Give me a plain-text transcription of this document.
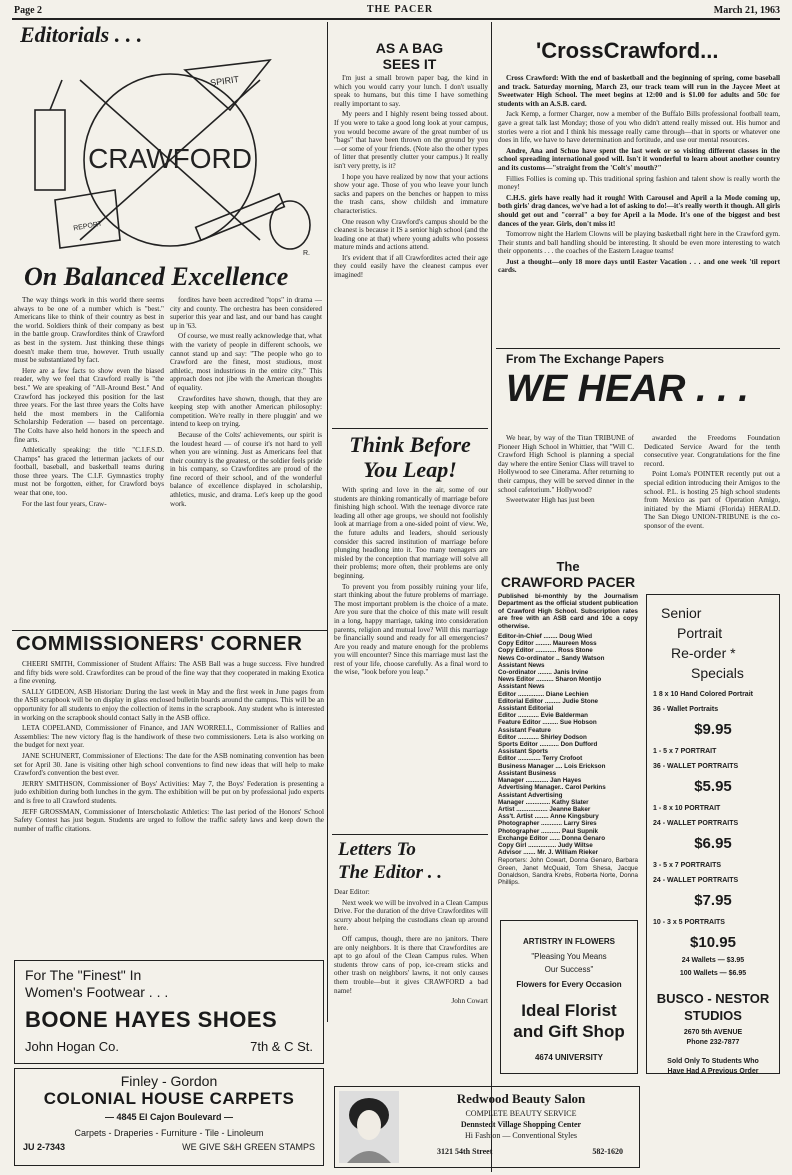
Page 2	THE PACER	March 21, 1963
Editorials . . .
CRAWFORD
SPIRIT
REPORT
R.
On Balanced Excellence

The way things work in this world there seems always to be one of a number which is "best." Americans like to think of their country as best in the world. Soldiers think of their company as best in the battle group. Crawfordites think of Crawford as best in the system. Just thinking these things doesn't make them true, however. Truth usually must be substantiated by fact.

Here are a few facts to show even the biased reader, why we feel that Crawford really is "the best." We are speaking of "All-Around Best." And Crawford has jockeyed this position for the last three years. For the last three years the Colts have held the most members in the California Scholarship Federation — based on percentage. The Colts have also held honors in the speech and fine arts.

Athletically speaking: the title "C.I.F.S.D. Champs" has graced the letterman jackets of our football, baseball, and basketball teams during those three years. The C.I.F. Gymnastics trophy must not be forgotten, either, for Crawford boys wear that one, too.

For the last four years, Craw-

fordites have been accredited "tops" in drama — city and county. The orchestra has been considered superior this year and last, and our band has caught up in '63.

Of course, we must really acknowledge that, what with the variety of people in different schools, we cannot stand up and say: "The people who go to Crawford are the finest, most studious, most athletic, most industrious in the entire city." This approach does not jibe with the American thoughts of equality.

Crawfordites have shown, though, that they are keeping step with another American philosophy: competition. We're really in there pluggin' and we intend to keep on trying.

Because of the Colts' achievements, our spirit is the loudest heard — of course it's not hard to yell when you are winning. Just as Americans feel that their country is the greatest, or the soldier feels pride in his company, so Crawfordites are proud of the fine record of their school, and of the wonderful balance of excellence displayed in scholarship, athletics, music, and drama. Let's keep up the good work.

COMMISSIONERS' CORNER

CHEERI SMITH, Commissioner of Student Affairs: The ASB Ball was a huge success. Five hundred and fifty bids were sold. Crawfordites can be proud of the fine way that they cooperated in making Exotica a fine evening.

SALLY GIDEON, ASB Historian: During the last week in May and the first week in June pages from the ASB scrapbook will be on display in glass enclosed bulletin boards around the campus. This will be an opportunity for all students to enjoy the collection of items in the scrapbook. Any student who is interested in working on the scrapbook should contact Sally in the ASB office.

LETA COPELAND, Commissioner of Finance, and JAN WORRELL, Commissioner of Rallies and Assemblies: The new victory flag is the handiwork of these two commissioners. Leta is also working on the budget for next year.

JANE SCHUNERT, Commissioner of Elections: The date for the ASB nominating convention has been set for April 30. Jane is visiting other high school conventions to find new ideas that will help to make Crawford's convention the best ever.

JERRY SMITHSON, Commissioner of Boys' Activities: May 7, the Boys' Federation is presenting a judo exhibition during both lunches in the gym. The exhibition will be put on by professional judo experts and is free to all Crawford students.

JEFF GROSSMAN, Commissioner of Interscholastic Athletics: The last period of the Honors' School Safety Contest has just begun. Students are urged to follow the traffic safety laws and keep down the number of traffic citations.

For The "Finest" In
Women's Footwear . . .
BOONE HAYES SHOES
John Hogan Co.	7th & C St.
Finley - Gordon
COLONIAL HOUSE CARPETS
— 4845 El Cajon Boulevard —
Carpets - Draperies - Furniture - Tile - Linoleum
JU 2-7343	WE GIVE S&H GREEN STAMPS
AS A BAG
SEES IT

I'm just a small brown paper bag, the kind in which you would carry your lunch. I don't usually speak to humans, but this time I have something really important to say.

My peers and I highly resent being tossed about. If you were to take a good long look at your campus, you would become aware of the great number of us "bags" that have been thrown on the ground by you—or some of your friends. (Note also the other types of litter that presently clutter your campus.) It really isn't very pretty, is it?

I hope you have realized by now that your actions show your age. Those of you who leave your lunch sacks and papers on the benches or happen to miss the trash cans, show childish and immature characteristics.

One reason why Crawford's campus should be the cleanest is because it IS a senior high school (and the leading one at that) where young adults who possess mature minds and actions attend.

It's evident that if all Crawfordites acted their age they could easily have the cleanest campus ever imagined!

Think Before
You Leap!

With spring and love in the air, some of our students are thinking romantically of marriage before finishing high school. With the teenage divorce rate leading all other age groups, we should not foolishly look at marriage from a one-sided point of view. We, the future adults and leaders, should seriously consider this sacred institution of marriage before plunging headlong into it. Too many teenagers are misled by the conception that marriage will solve all their problems; more often, their problems are only beginning.

To prevent you from possibly ruining your life, start thinking about the future problems of marriage. The most important problem is the choice of a mate. Are you sure that the choice of this mate will result in a long, happy marriage, taking into consideration parents, religion and mutual love? Will this marriage be financially sound and ready for all emergencies? Are you ready and mature enough for the problems you will encounter? Since this marriage must last the rest of your life, choose carefully. As a final word to the wise, "look before you leap."

Letters To
The Editor . .

Dear Editor:

Next week we will be involved in a Clean Campus Drive. For the duration of the drive Crawfordites will scurry about helping the custodians clean up around here.

Off campus, though, there are no janitors. There are only neighbors. It is there that Crawfordites are apt to go afoul of the Clean Campus rules. When students throw cans of pop, ice-cream sticks and other trash on neighbors' lawns, it not only causes them trouble—but it gives CRAWFORD a bad name!

John Cowart

'CrossCrawford...

Cross Crawford: With the end of basketball and the beginning of spring, come baseball and track. Saturday morning, March 23, our track team will run in the Jaycee Meet at Sweetwater High School. The meet begins at 12:00 and is $1.00 for adults and 50c for students with an A.S.B. card.

Jack Kemp, a former Charger, now a member of the Buffalo Bills professional football team, gave a great talk last Monday; those of you who didn't attend really missed out. His humor and stories were a riot and I think his message really came through—that in sports or whatever one does in life, we have to have determination and fortitude, and use our mental resources.

Andre, Ana and Schuo have spent the last week or so visiting different classes in the school spreading international good will. Isn't it wonderful to learn about another country and its customs—"straight from the 'Colt's' mouth?"

Fillies Follies is coming up. This traditional spring fashion and talent show is really worth the money!

C.H.S. girls have really had it rough! With Carousel and April a la Mode coming up, both girls' drag dances, we've had a lot of asking to do!—it's really worth it though. All girls should get out and "corral" a boy for April a la Mode. It's one of the biggest and best dances of the year. Girls, don't miss it!

Tomorrow night the Harlem Clowns will be playing basketball right here in the Crawford gym. Their stunts and ball handling should be interesting. It should be even more interesting to watch their opponents . . . the coaches of the Eastern League teams!

Just a thought—only 18 more days until Easter Vacation . . . and one week 'til report cards.

From The Exchange Papers
WE HEAR . . .

We hear, by way of the Titan TRIBUNE of Pioneer High School in Whittier, that "Will C. Crawford High School is planning a special day where the entire Senior Class will travel to Hollywood to see Cinerama. After returning to their campus, they will be served dinner in the school cafetorium." Hollywood?

Sweetwater High has just been

awarded the Freedoms Foundation Dedicated Service Award for the tenth consecutive year. Congratulations for the fine record.

Point Loma's POINTER recently put out a special edition introducing their Amigos to the school. P.L. is hosting 25 high school students from Mexico as part of Operation Amigo, initiated by the Miami (Florida) HERALD. The San Diego UNION-TRIBUNE is the co-sponsor of the event.

The
CRAWFORD PACER
Published bi-monthly by the Journalism Department as the official student publication of Crawford High School. Subscription rates are free with an ASB card and 10c a copy otherwise.
Editor-in-Chief ........ Doug Wied
Copy Editor ......... Maureen Moss
Copy Editor ............ Ross Stone
News Co-ordinator .. Sandy Watson
Assistant News
Co-ordinator ........ Janis Irvine
News Editor .......... Sharon Montijo
Assistant News
Editor ............... Diane Lechien
Editorial Editor ......... Judie Stone
Assistant Editorial
Editor ............ Evie Balderman
Feature Editor ......... Sue Hobson
Assistant Feature
Editor ............ Shirley Dodson
Sports Editor ........... Don Dufford
Assistant Sports
Editor ............. Terry Crofoot
Business Manager .... Lois Erickson
Assistant Business
Manager ............. Jan Hayes
Advertising Manager.. Carol Perkins
Assistant Advertising
Manager .............. Kathy Slater
Artist .................. Jeanne Baker
Ass't. Artist ........ Anne Kingsbury
Photographer ............ Larry Sires
Photographer ........... Paul Supnik
Exchange Editor ...... Donna Genaro
Copy Girl ................ Judy Wiltse
Advisor ....... Mr. J. William Rieker
Reporters: John Cowart, Donna Genaro, Barbara Green, Janet McQuaid, Tom Shesa, Jacque Donaldson, Sandra Krebs, Roberta Norte, Donna Phillips.
ARTISTRY IN FLOWERS
"Pleasing You Means
Our Success"
Flowers for Every Occasion
Ideal Florist
and Gift Shop
4674 UNIVERSITY
Senior
Portrait
Re-order *
Specials
1 8 x 10 Hand Colored Portrait
36 - Wallet Portraits
$9.95
1 - 5 x 7 PORTRAIT
36 - WALLET PORTRAITS
$5.95
1 - 8 x 10 PORTRAIT
24 - WALLET PORTRAITS
$6.95
3 - 5 x 7 PORTRAITS
24 - WALLET PORTRAITS
$7.95
10 - 3 x 5 PORTRAITS
$10.95
24 Wallets — $3.95
100 Wallets — $6.95
BUSCO - NESTOR
STUDIOS
2670 5th AVENUE
Phone 232-7877
Sold Only To Students Who
Have Had A Previous Order
Redwood Beauty Salon
COMPLETE BEAUTY SERVICE
Dennstedt Village Shopping Center
Hi Fashion — Conventional Styles
3121 54th Street	582-1620
